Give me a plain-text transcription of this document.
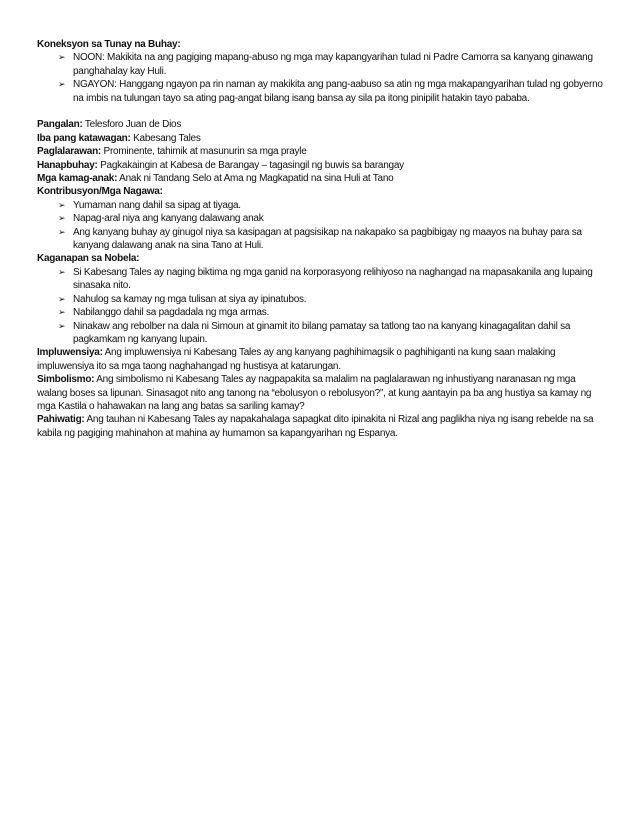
Koneksyon sa Tunay na Buhay:

➢ NOON: Makikita na ang pagiging mapang-abuso ng mga may kapangyarihan tulad ni Padre Camorra sa kanyang ginawang panghahalay kay Huli.
➢ NGAYON: Hanggang ngayon pa rin naman ay makikita ang pang-aabuso sa atin ng mga makapangyarihan tulad ng gobyerno na imbis na tulungan tayo sa ating pag-angat bilang isang bansa ay sila pa itong pinipilit hatakin tayo pababa.

Pangalan: Telesforo Juan de Dios

Iba pang katawagan: Kabesang Tales

Paglalarawan: Prominente, tahimik at masunurin sa mga prayle

Hanapbuhay: Pagkakaingin at Kabesa de Barangay – tagasingil ng buwis sa barangay

Mga kamag-anak: Anak ni Tandang Selo at Ama ng Magkapatid na sina Huli at Tano

Kontribusyon/Mga Nagawa:

➢ Yumaman nang dahil sa sipag at tiyaga.
➢ Napag-aral niya ang kanyang dalawang anak
➢ Ang kanyang buhay ay ginugol niya sa kasipagan at pagsisikap na nakapako sa pagbibigay ng maayos na buhay para sa kanyang dalawang anak na sina Tano at Huli.

Kaganapan sa Nobela:

➢ Si Kabesang Tales ay naging biktima ng mga ganid na korporasyong relihiyoso na naghangad na mapasakanila ang lupaing sinasaka nito.
➢ Nahulog sa kamay ng mga tulisan at siya ay ipinatubos.
➢ Nabilanggo dahil sa pagdadala ng mga armas.
➢ Ninakaw ang rebolber na dala ni Simoun at ginamit ito bilang pamatay sa tatlong tao na kanyang kinagagalitan dahil sa pagkamkam ng kanyang lupain.

Impluwensiya: Ang impluwensiya ni Kabesang Tales ay ang kanyang paghihimagsik o paghihiganti na kung saan malaking impluwensiya ito sa mga taong naghahangad ng hustisya at katarungan.

Simbolismo: Ang simbolismo ni Kabesang Tales ay nagpapakita sa malalim na paglalarawan ng inhustiyang naranasan ng mga walang boses sa lipunan. Sinasagot nito ang tanong na “ebolusyon o rebolusyon?”, at kung aantayin pa ba ang hustiya sa kamay ng mga Kastila o hahawakan na lang ang batas sa sariling kamay?

Pahiwatig: Ang tauhan ni Kabesang Tales ay napakahalaga sapagkat dito ipinakita ni Rizal ang paglikha niya ng isang rebelde na sa kabila ng pagiging mahinahon at mahina ay humamon sa kapangyarihan ng Espanya.
